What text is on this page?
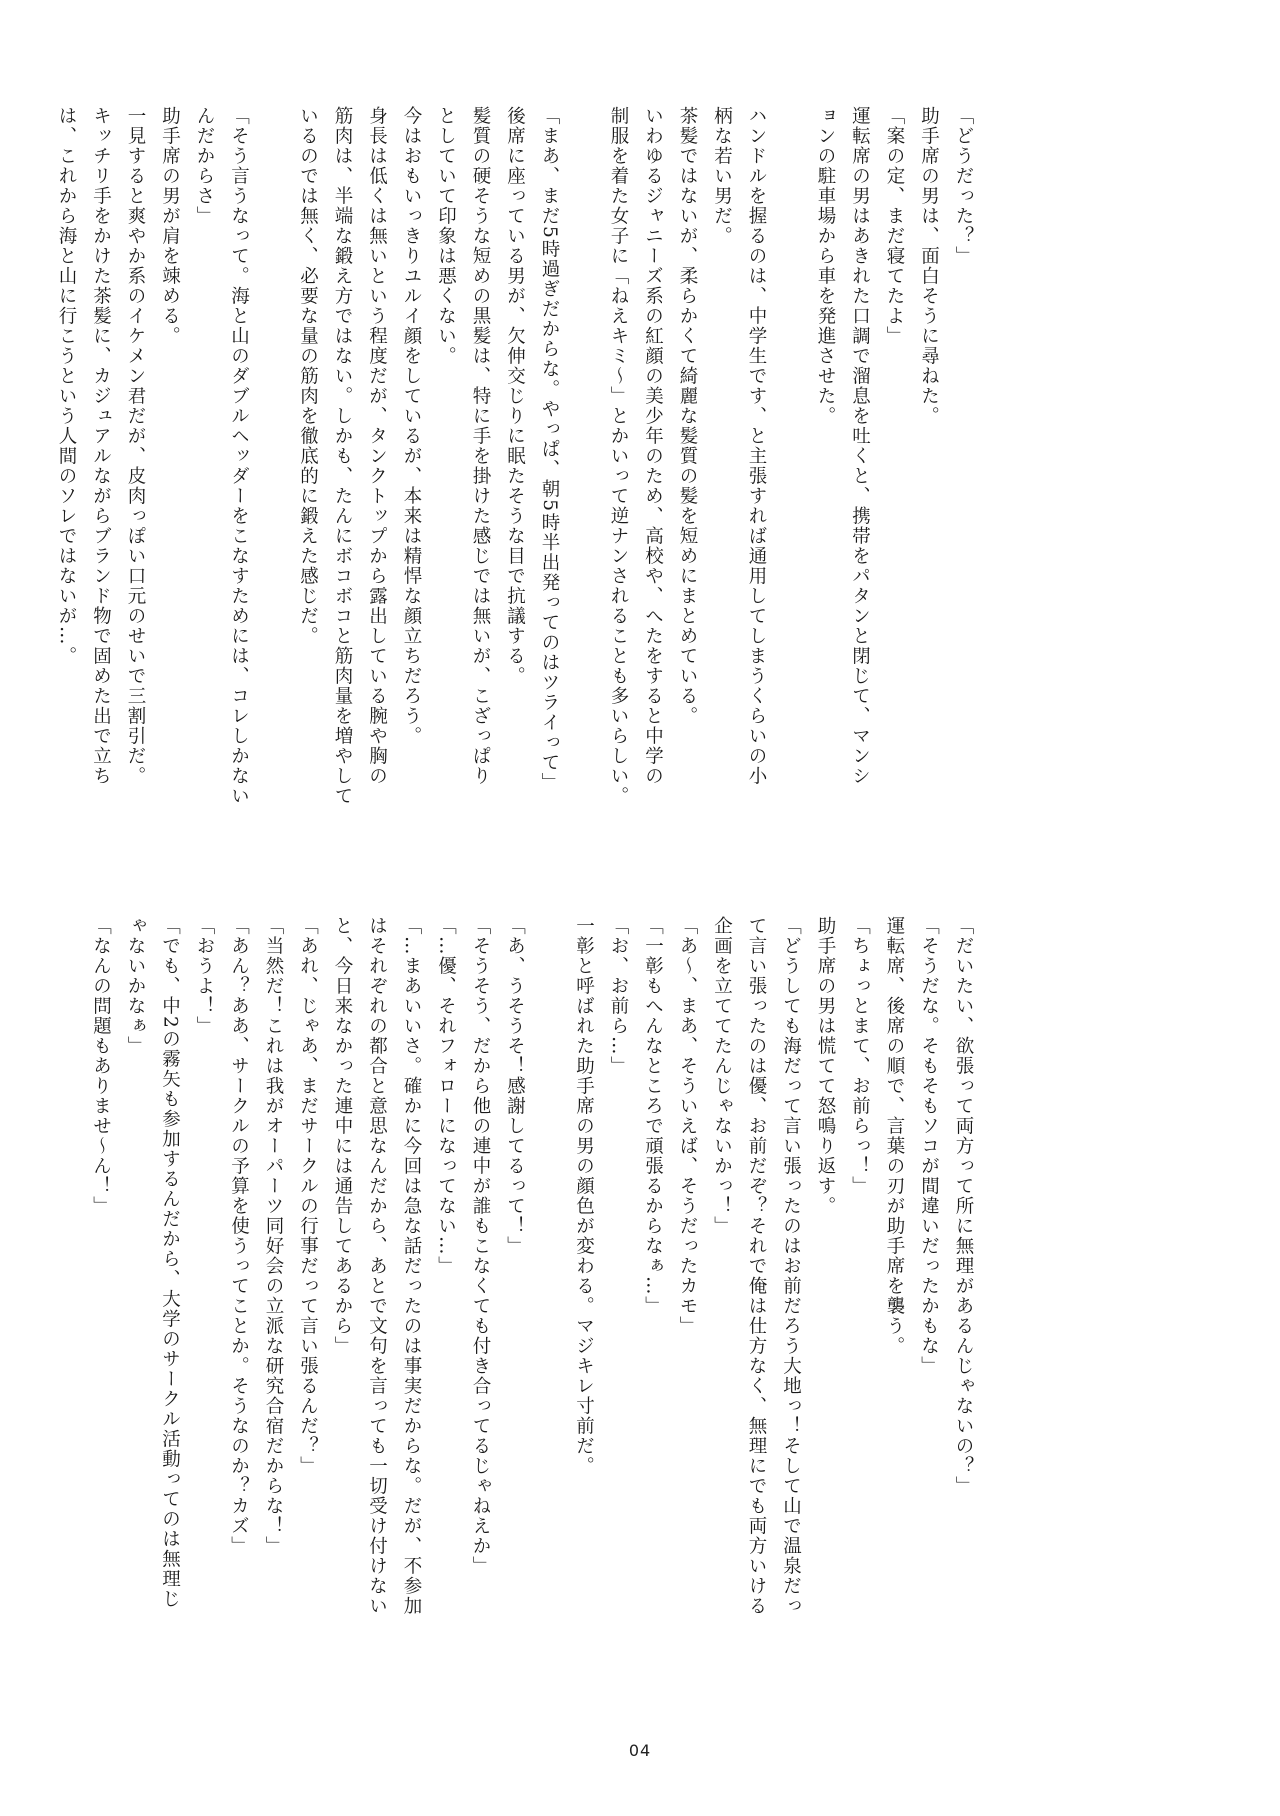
「どうだった？」
助手席の男は、面白そうに尋ねた。
「案の定、まだ寝てたよ」
運転席の男はあきれた口調で溜息を吐くと、携帯をパタンと閉じて、マンシ
ョンの駐車場から車を発進させた。

ハンドルを握るのは、中学生です、と主張すれば通用してしまうくらいの小
柄な若い男だ。
茶髪ではないが、柔らかくて綺麗な髪質の髪を短めにまとめている。
いわゆるジャニーズ系の紅顔の美少年のため、高校や、へたをすると中学の
制服を着た女子に「ねえキミ～」とかいって逆ナンされることも多いらしい。

「まあ、まだ5時過ぎだからな。やっぱ、朝5時半出発ってのはツライって」
後席に座っている男が、欠伸交じりに眠たそうな目で抗議する。
髪質の硬そうな短めの黒髪は、特に手を掛けた感じでは無いが、こざっぱり
としていて印象は悪くない。
今はおもいっきりユルイ顔をしているが、本来は精悍な顔立ちだろう。
身長は低くは無いという程度だが、タンクトップから露出している腕や胸の
筋肉は、半端な鍛え方ではない。しかも、たんにボコボコと筋肉量を増やして
いるのでは無く、必要な量の筋肉を徹底的に鍛えた感じだ。

「そう言うなって。海と山のダブルヘッダーをこなすためには、コレしかない
んだからさ」
助手席の男が肩を竦める。
一見すると爽やか系のイケメン君だが、皮肉っぽい口元のせいで三割引だ。
キッチリ手をかけた茶髪に、カジュアルながらブランド物で固めた出で立ち
は、これから海と山に行こうという人間のソレではないが…。
「だいたい、欲張って両方って所に無理があるんじゃないの？」
「そうだな。そもそもソコが間違いだったかもな」
運転席、後席の順で、言葉の刃が助手席を襲う。
「ちょっとまて、お前らっ！」
助手席の男は慌てて怒鳴り返す。
「どうしても海だって言い張ったのはお前だろう大地っ！そして山で温泉だっ
て言い張ったのは優、お前だぞ？それで俺は仕方なく、無理にでも両方いける
企画を立ててたんじゃないかっ！」
「あ～、まあ、そういえば、そうだったカモ」
「一彰もへんなところで頑張るからなぁ…」
「お、お前ら…」
一彰と呼ばれた助手席の男の顔色が変わる。マジキレ寸前だ。

「あ、うそうそ！感謝してるって！」
「そうそう、だから他の連中が誰もこなくても付き合ってるじゃねえか」
「…優、それフォローになってない…」
「…まあいいさ。確かに今回は急な話だったのは事実だからな。だが、不参加
はそれぞれの都合と意思なんだから、あとで文句を言っても一切受け付けない
と、今日来なかった連中には通告してあるから」
「あれ、じゃあ、まだサークルの行事だって言い張るんだ？」
「当然だ！これは我がオーパーツ同好会の立派な研究合宿だからな！」
「あん？ああ、サークルの予算を使うってことか。そうなのか？カズ」
「おうよ！」
「でも、中2の霧矢も参加するんだから、大学のサークル活動ってのは無理じ
ゃないかなぁ」
「なんの問題もありませ～ん！」
04
